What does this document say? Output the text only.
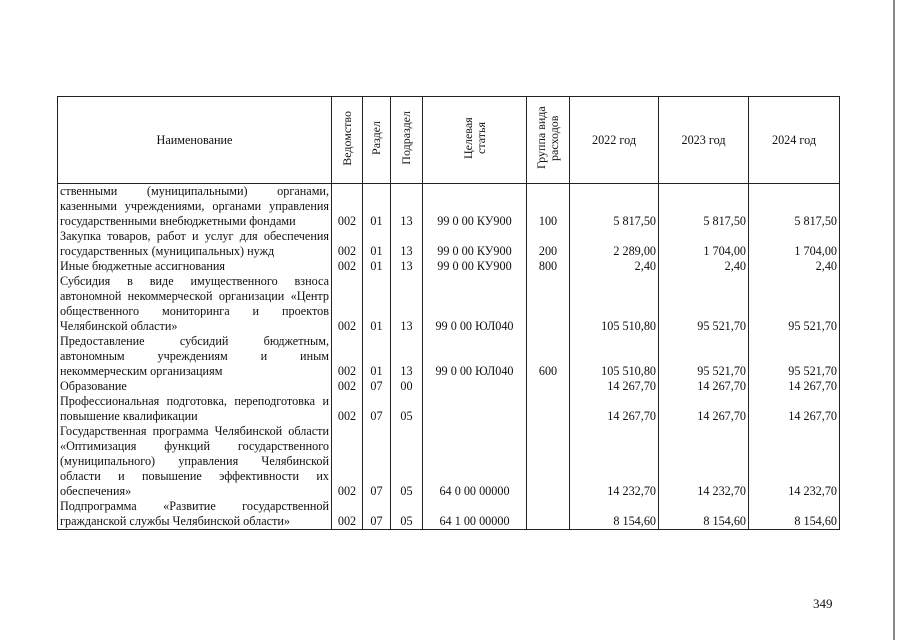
Наименование	Ведомство	Раздел	Подраздел	Целевая статья	Группа вида расходов	2022 год	2023 год	2024 год
ственными (муниципальными) органами, казенными учреждениями, органами управления государственными внебюджетными фондами	002	01	13	99 0 00 КУ900	100	5 817,50	5 817,50	5 817,50
Закупка товаров, работ и услуг для обеспечения государственных (муниципальных) нужд	002	01	13	99 0 00 КУ900	200	2 289,00	1 704,00	1 704,00
Иные бюджетные ассигнования	002	01	13	99 0 00 КУ900	800	2,40	2,40	2,40
Субсидия в виде имущественного взноса автономной некоммерческой организации «Центр общественного мониторинга и проектов Челябинской области»	002	01	13	99 0 00 ЮЛ040		105 510,80	95 521,70	95 521,70
Предоставление субсидий бюджетным, автономным учреждениям и иным некоммерческим организациям	002	01	13	99 0 00 ЮЛ040	600	105 510,80	95 521,70	95 521,70
Образование	002	07	00			14 267,70	14 267,70	14 267,70
Профессиональная подготовка, переподготовка и повышение квалификации	002	07	05			14 267,70	14 267,70	14 267,70
Государственная программа Челябинской области «Оптимизация функций государственного (муниципального) управления Челябинской области и повышение эффективности их обеспечения»	002	07	05	64 0 00 00000		14 232,70	14 232,70	14 232,70
Подпрограмма «Развитие государственной гражданской службы Челябинской области»	002	07	05	64 1 00 00000		8 154,60	8 154,60	8 154,60
349
